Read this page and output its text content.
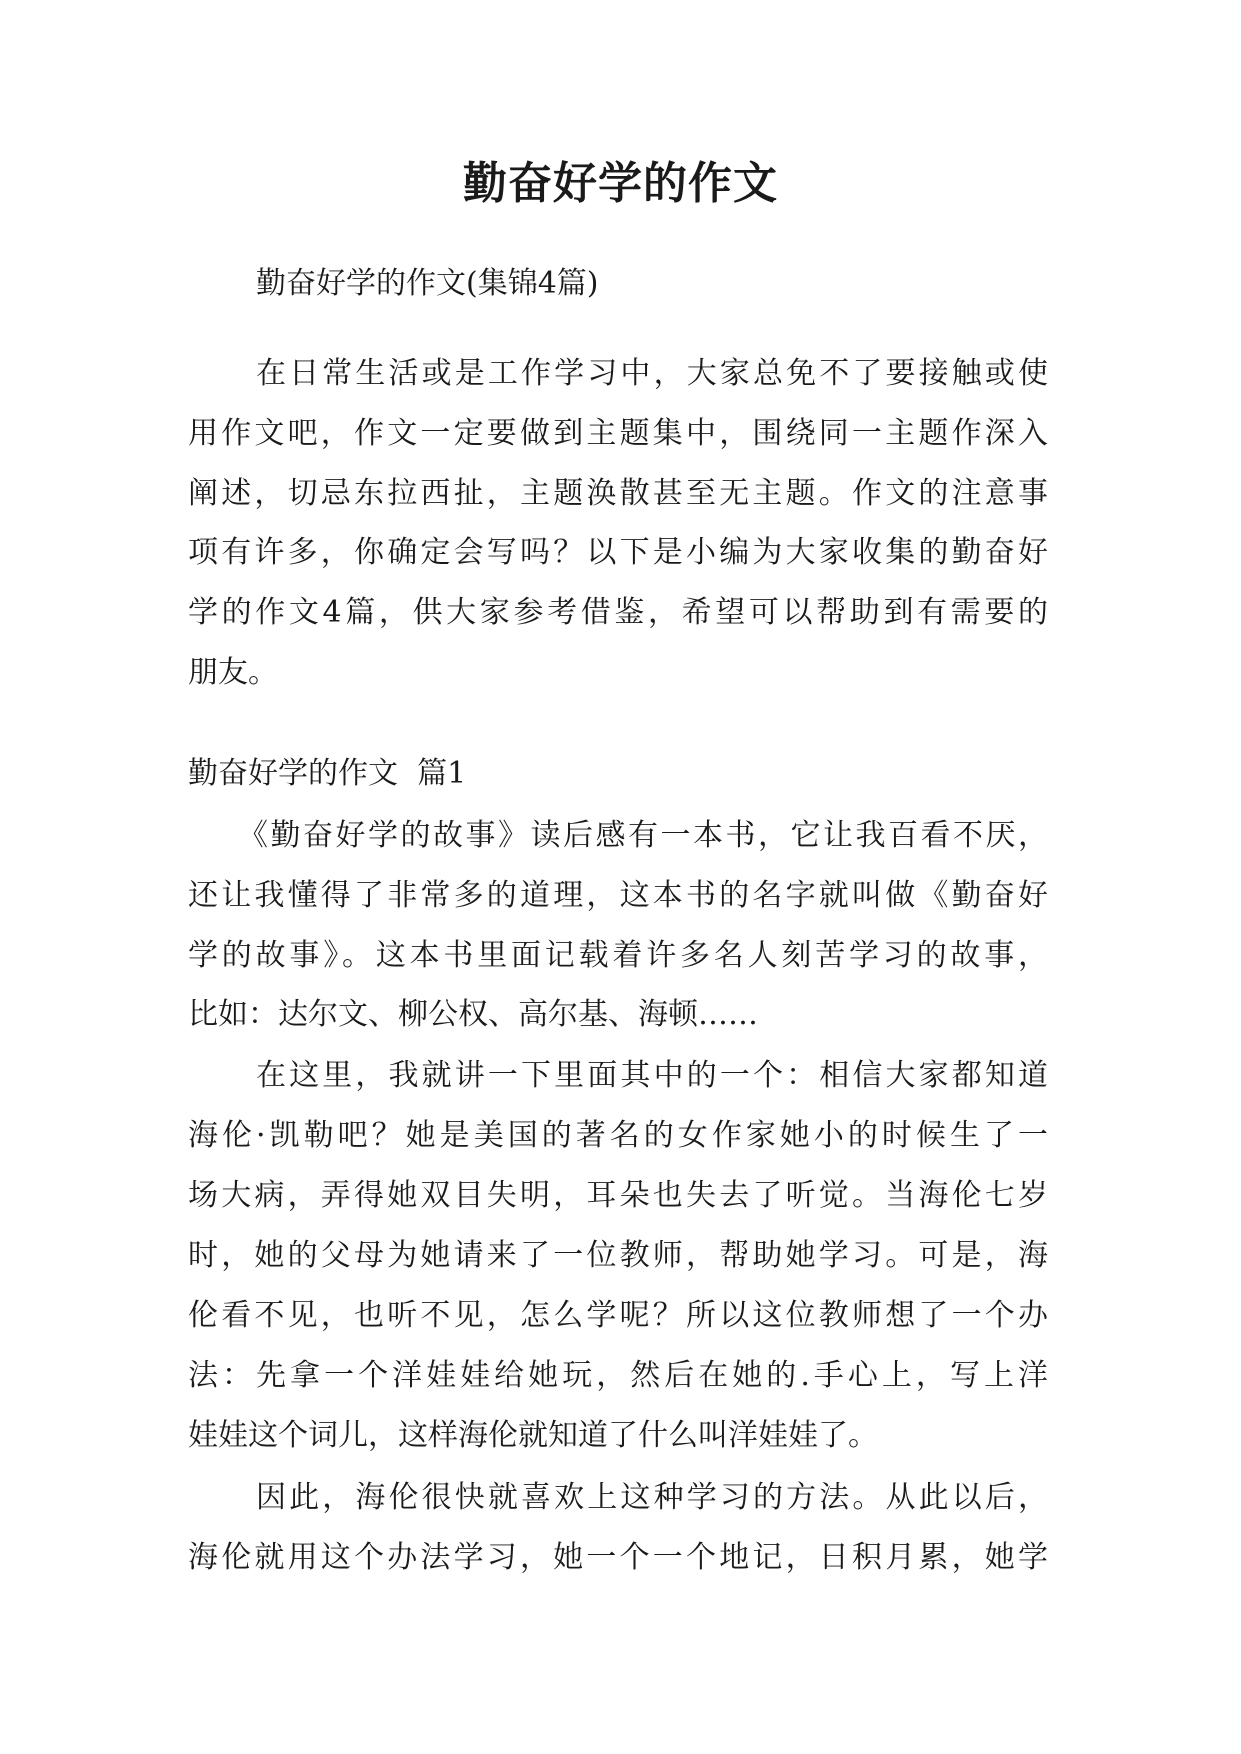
勤奋好学的作文
勤奋好学的作文(集锦4篇)
在日常生活或是工作学习中，大家总免不了要接触或使
用作文吧，作文一定要做到主题集中，围绕同一主题作深入
阐述，切忌东拉西扯，主题涣散甚至无主题。作文的注意事
项有许多，你确定会写吗？以下是小编为大家收集的勤奋好
学的作文4篇，供大家参考借鉴，希望可以帮助到有需要的
朋友。
勤奋好学的作文  篇1
《勤奋好学的故事》读后感有一本书，它让我百看不厌，
还让我懂得了非常多的道理，这本书的名字就叫做《勤奋好
学的故事》。这本书里面记载着许多名人刻苦学习的故事，
比如：达尔文、柳公权、高尔基、海顿……
在这里，我就讲一下里面其中的一个：相信大家都知道
海伦·凯勒吧？她是美国的著名的女作家她小的时候生了一
场大病，弄得她双目失明，耳朵也失去了听觉。当海伦七岁
时，她的父母为她请来了一位教师，帮助她学习。可是，海
伦看不见，也听不见，怎么学呢？所以这位教师想了一个办
法：先拿一个洋娃娃给她玩，然后在她的.手心上，写上洋
娃娃这个词儿，这样海伦就知道了什么叫洋娃娃了。
因此，海伦很快就喜欢上这种学习的方法。从此以后，
海伦就用这个办法学习，她一个一个地记，日积月累，她学
